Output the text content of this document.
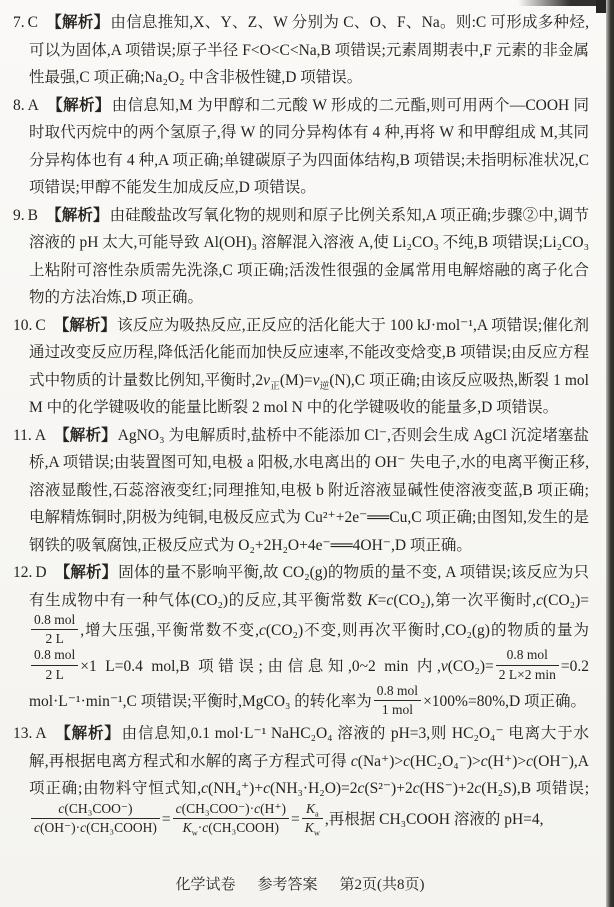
7. C 【解析】由信息推知,X、Y、Z、W 分别为 C、O、F、Na。则:C 可形成多种烃,可以为固体,A 项错误;原子半径 F<O<C<Na,B 项错误;元素周期表中,F 元素的非金属性最强,C 项正确;Na₂O₂ 中含非极性键,D 项错误。
8. A 【解析】由信息知,M 为甲醇和二元酸 W 形成的二元酯,则可用两个—COOH 同时取代丙烷中的两个氢原子,得 W 的同分异构体有 4 种,再将 W 和甲醇组成 M,其同分异构体也有 4 种,A 项正确;单键碳原子为四面体结构,B 项错误;未指明标准状况,C 项错误;甲醇不能发生加成反应,D 项错误。
9. B 【解析】由硅酸盐改写氧化物的规则和原子比例关系知,A 项正确;步骤②中,调节溶液的 pH 太大,可能导致 Al(OH)₃ 溶解混入溶液 A,使 Li₂CO₃ 不纯,B 项错误;Li₂CO₃ 上粘附可溶性杂质需先洗涤,C 项正确;活泼性很强的金属常用电解熔融的离子化合物的方法冶炼,D 项正确。
10. C 【解析】该反应为吸热反应,正反应的活化能大于 100 kJ·mol⁻¹,A 项错误;催化剂通过改变反应历程,降低活化能而加快反应速率,不能改变焓变,B 项错误;由反应方程式中物质的计量数比例知,平衡时$,2v_正(M)=v_逆(N),C$ 项正确;由该反应吸热,断裂 1 mol M 中的化学键吸收的能量比断裂 2 mol N 中的化学键吸收的能量多,D 项错误。
11. A 【解析】AgNO₃ 为电解质时,盐桥中不能添加 Cl⁻,否则会生成 AgCl 沉淀堵塞盐桥,A 项错误;由装置图可知,电极 a 阳极,水电离出的 OH⁻ 失电子,水的电离平衡正移,溶液显酸性,石蕊溶液变红;同理推知,电极 b 附近溶液显碱性使溶液变蓝,B 项正确;电解精炼铜时,阴极为纯铜,电极反应式为 Cu²⁺+2e⁻══Cu,C 项正确;由图知,发生的是钢铁的吸氧腐蚀,正极反应式为 O₂+2H₂O+4e⁻══4OH⁻,D 项正确。
12. D 【解析】固体的量不影响平衡,故 CO₂(g)的物质的量不变, A 项错误;该反应为只有生成物中有一种气体(CO₂)的反应,其平衡常数 K=c(CO₂),第一次平衡时,c(CO₂)=
0.8 mol
2 L	,增大压强,平衡常数不变,c(CO₂)不变,则再次平衡时,CO₂(g)的物质的量为
0.8 mol
2 L	×1 L=0.4 mol,B 项错误;由信息知,0~2 min 内,v(CO₂)=
0.8 mol
2 L×2 min =0.2 mol·L⁻¹·min⁻¹,C 项错误;平衡时,MgCO₃ 的转化率为
0.8 mol
1 mol ×100%=80%,D 项正确。
13. A 【解析】由信息知,0.1 mol·L⁻¹ NaHC₂O₄ 溶液的 pH=3,则 HC₂O₄⁻ 电离大于水解,再根据电离方程式和水解的离子方程式可得 c(Na⁺)>c(HC₂O₄⁻)>c(H⁺)>c(OH⁻),A 项正确;由物料守恒式知,c(NH₄⁺)+c(NH₃·H₂O)=2c(S²⁻)+2c(HS⁻)+2c(H₂S),B 项错误;
c(CH₃COO⁻)
c(OH⁻)·c(CH₃COOH) =
c(CH₃COO⁻)·c(H⁺)
$K_w\cdot c(CH_3COOH) = \frac{K_a}{K_w}$ ,再根据 CH₃COOH 溶液的 pH=4,
化学试卷 参考答案 第2页(共8页)
